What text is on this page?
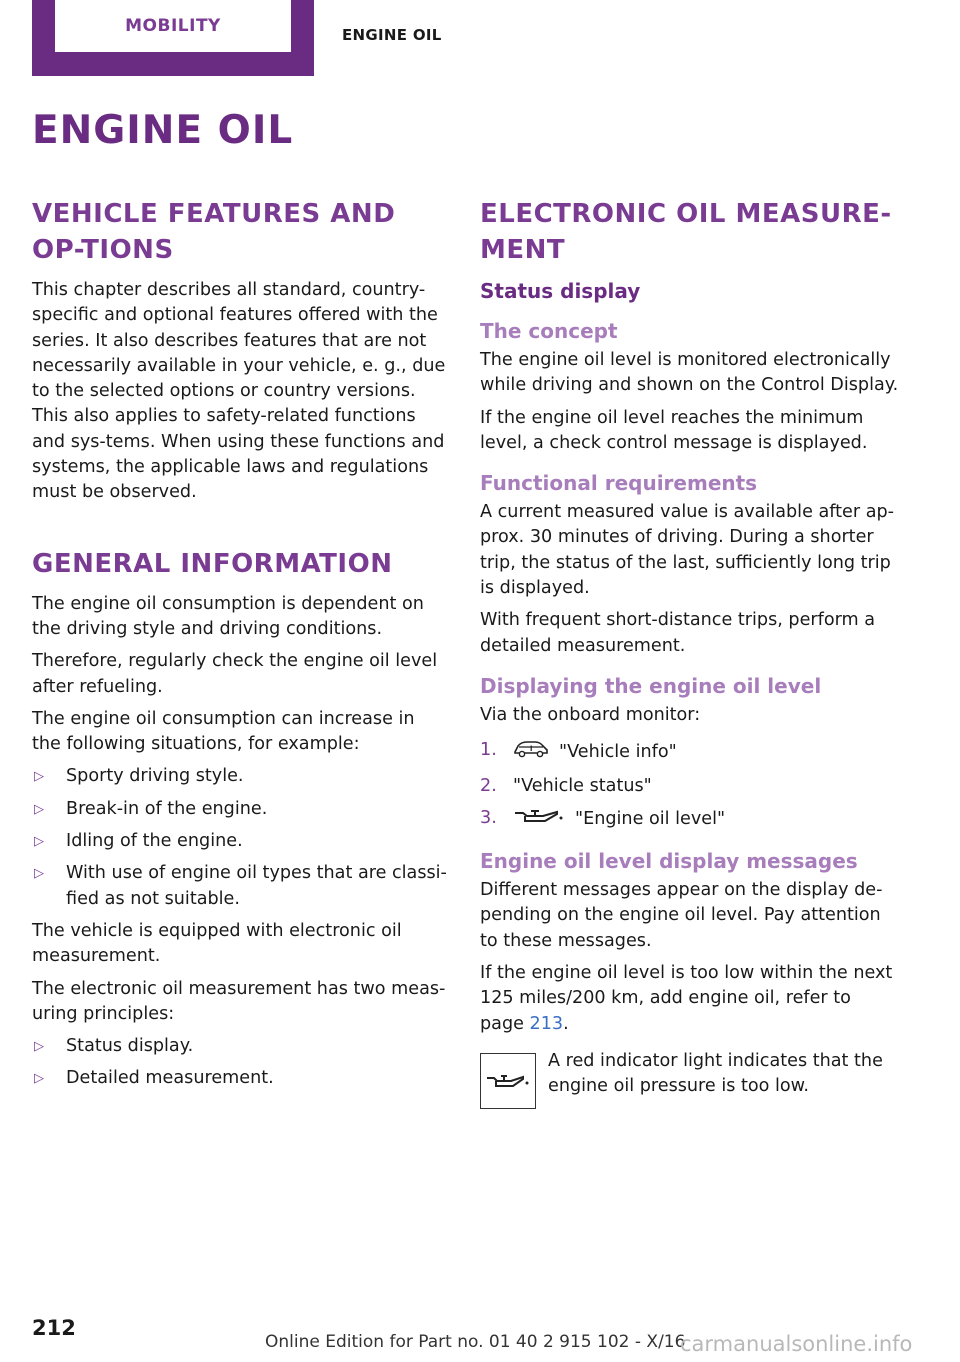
MOBILITY	ENGINE OIL
ENGINE OIL
VEHICLE FEATURES AND OP-TIONS

This chapter describes all standard, country-specific and optional features offered with the series. It also describes features that are not necessarily available in your vehicle, e. g., due to the selected options or country versions. This also applies to safety-related functions and sys-tems. When using these functions and systems, the applicable laws and regulations must be observed.

GENERAL INFORMATION

The engine oil consumption is dependent on the driving style and driving conditions.

Therefore, regularly check the engine oil level after refueling.

The engine oil consumption can increase in the following situations, for example:

▷ Sporty driving style.
▷ Break-in of the engine.
▷ Idling of the engine.
▷ With use of engine oil types that are classi-fied as not suitable.

The vehicle is equipped with electronic oil measurement.

The electronic oil measurement has two meas-uring principles:

▷ Status display.
▷ Detailed measurement.
ELECTRONIC OIL MEASURE-MENT
Status display
The concept

The engine oil level is monitored electronically while driving and shown on the Control Display.

If the engine oil level reaches the minimum level, a check control message is displayed.

Functional requirements

A current measured value is available after ap-prox. 30 minutes of driving. During a shorter trip, the status of the last, sufficiently long trip is displayed.

With frequent short-distance trips, perform a detailed measurement.

Displaying the engine oil level

Via the onboard monitor:

1.	i "Vehicle info"
2. "Vehicle status"
3.	"Engine oil level"
Engine oil level display messages

Different messages appear on the display de-pending on the engine oil level. Pay attention to these messages.

If the engine oil level is too low within the next 125 miles/200 km, add engine oil, refer to page 213.

A red indicator light indicates that the engine oil pressure is too low.

212
Online Edition for Part no. 01 40 2 915 102 - X/16
carmanualsonline.info
